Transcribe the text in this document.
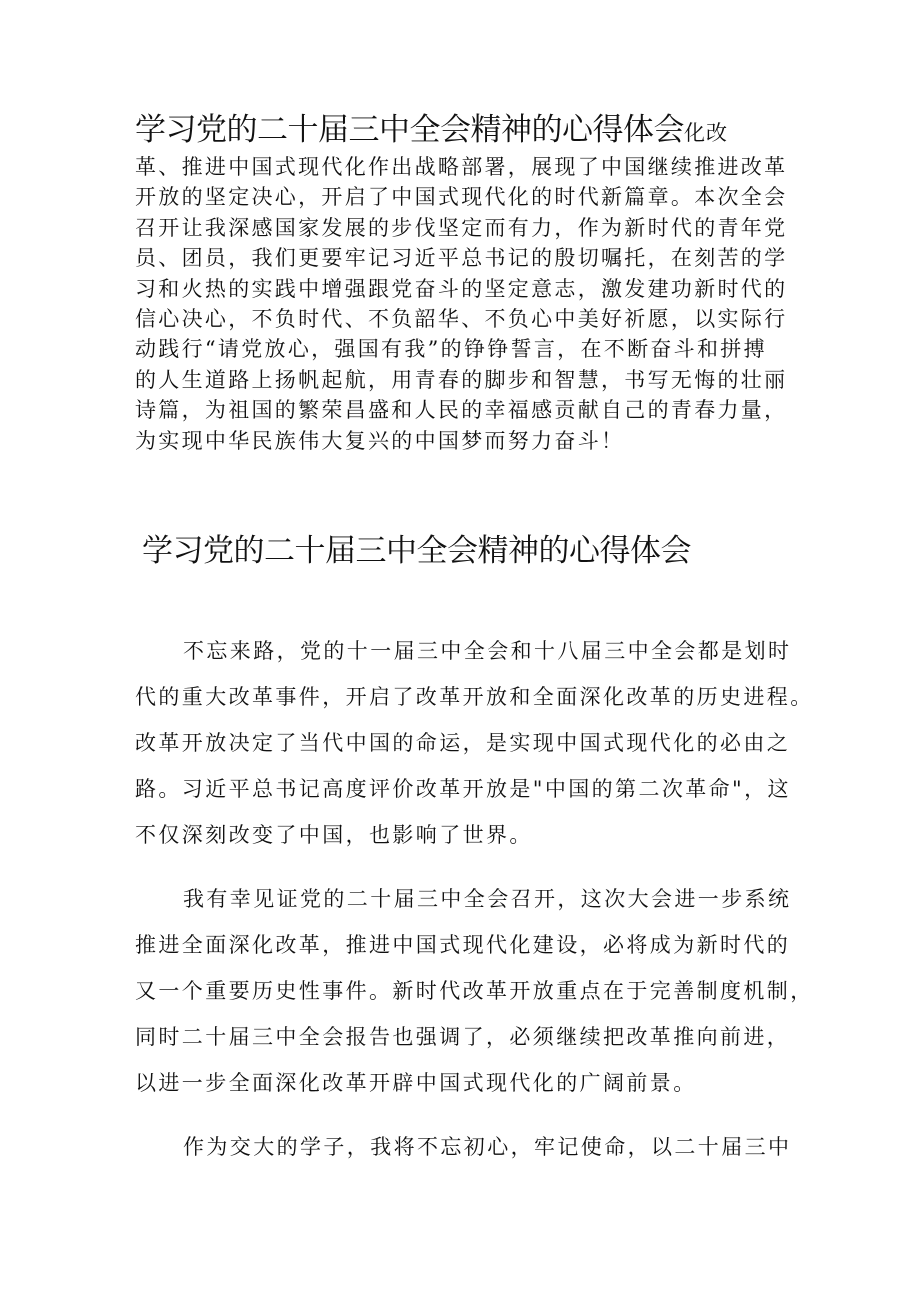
学习党的二十届三中全会精神的心得体会化改
革、推进中国式现代化作出战略部署，展现了中国继续推进改革
开放的坚定决心，开启了中国式现代化的时代新篇章。本次全会
召开让我深感国家发展的步伐坚定而有力，作为新时代的青年党
员、团员，我们更要牢记习近平总书记的殷切嘱托，在刻苦的学
习和火热的实践中增强跟党奋斗的坚定意志，激发建功新时代的
信心决心，不负时代、不负韶华、不负心中美好祈愿，以实际行
动践行“请党放心，强国有我”的铮铮誓言，在不断奋斗和拼搏
的人生道路上扬帆起航，用青春的脚步和智慧，书写无悔的壮丽
诗篇，为祖国的繁荣昌盛和人民的幸福感贡献自己的青春力量，
为实现中华民族伟大复兴的中国梦而努力奋斗！
学习党的二十届三中全会精神的心得体会
不忘来路，党的十一届三中全会和十八届三中全会都是划时
代的重大改革事件，开启了改革开放和全面深化改革的历史进程。
改革开放决定了当代中国的命运，是实现中国式现代化的必由之
路。习近平总书记高度评价改革开放是"中国的第二次革命"，这
不仅深刻改变了中国，也影响了世界。
我有幸见证党的二十届三中全会召开，这次大会进一步系统
推进全面深化改革，推进中国式现代化建设，必将成为新时代的
又一个重要历史性事件。新时代改革开放重点在于完善制度机制，
同时二十届三中全会报告也强调了，必须继续把改革推向前进，
以进一步全面深化改革开辟中国式现代化的广阔前景。
作为交大的学子，我将不忘初心，牢记使命，以二十届三中
